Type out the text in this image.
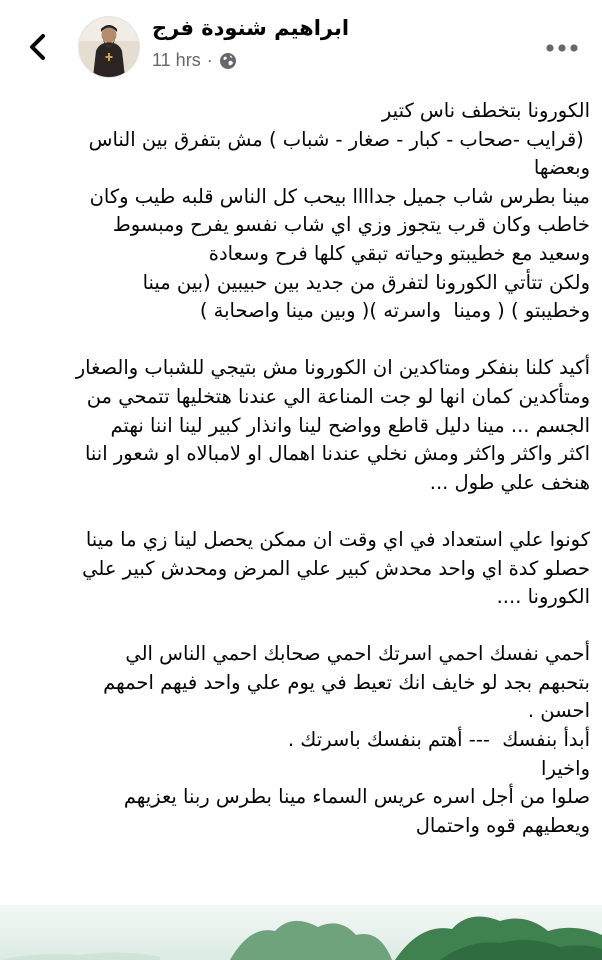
ابراهيم شنودة فرج
11 hrs ·

الكورونا بتخطف ناس كتير

(قرايب -صحاب - كبار - صغار - شباب ) مش بتفرق بين الناس

وبعضها

مينا بطرس شاب جميل جداااا بيحب كل الناس قلبه طيب وكان

خاطب وكان قرب يتجوز وزي اي شاب نفسو يفرح ومبسوط

وسعيد مع خطيبتو وحياته تبقي كلها فرح وسعادة

ولكن تتأتي الكورونا لتفرق من جديد بين حبيبين (بين مينا

وخطيبتو ) ( ومينا  واسرته )( وبين مينا واصحابة )

أكيد كلنا بنفكر ومتاكدين ان الكورونا مش بتيجي للشباب والصغار

ومتأكدين كمان انها لو جت المناعة الي عندنا هتخليها تتمحي من

الجسم ... مينا دليل قاطع وواضح لينا وانذار كبير لينا اننا نهتم

اكثر واكثر واكثر ومش نخلي عندنا اهمال او لامبالاه او شعور اننا

هنخف علي طول ...

كونوا علي استعداد في اي وقت ان ممكن يحصل لينا زي ما مينا

حصلو كدة اي واحد محدش كبير علي المرض ومحدش كبير علي

الكورونا ....

أحمي نفسك احمي اسرتك احمي صحابك احمي الناس الي

بتحبهم بجد لو خايف انك تعيط في يوم علي واحد فيهم احمهم

احسن .

أبدأ بنفسك  --- أهتم بنفسك باسرتك .

واخيرا

صلوا من أجل اسره عريس السماء مينا بطرس ربنا يعزيهم

ويعطيهم قوه واحتمال
